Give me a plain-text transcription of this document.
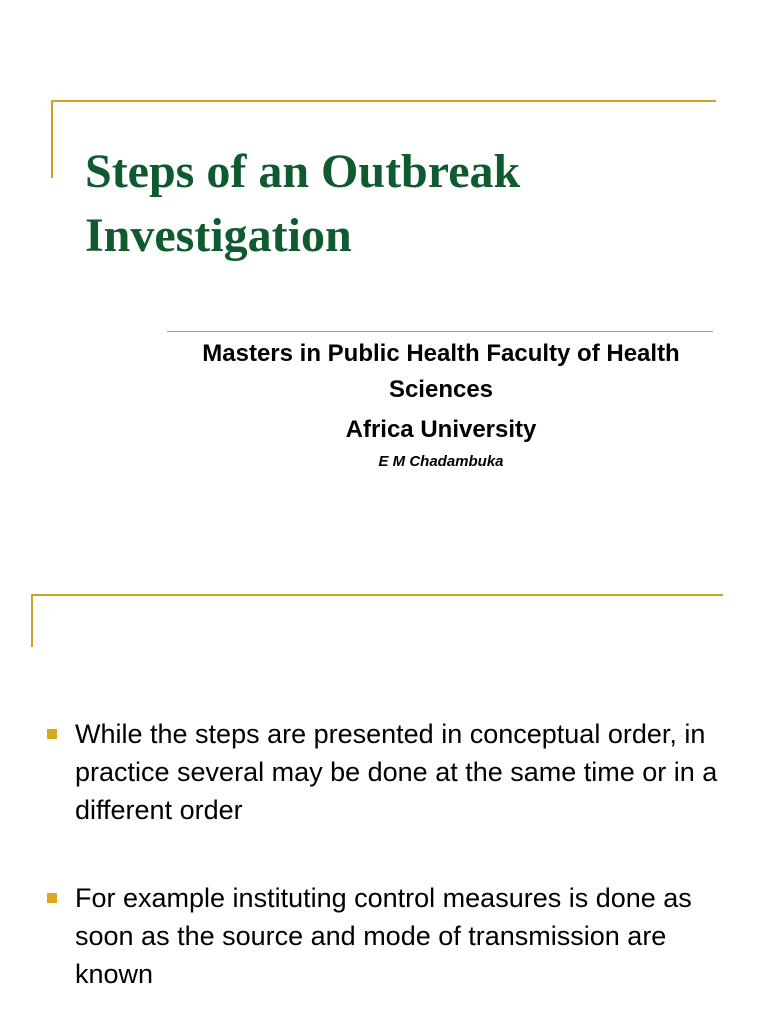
Steps of an Outbreak Investigation
Masters in Public Health Faculty of Health Sciences
Africa University
E M Chadambuka
While the steps are presented in conceptual order, in practice several may be done at the same time or in a different order
For example instituting control measures is done as soon as the source and mode of transmission are known
